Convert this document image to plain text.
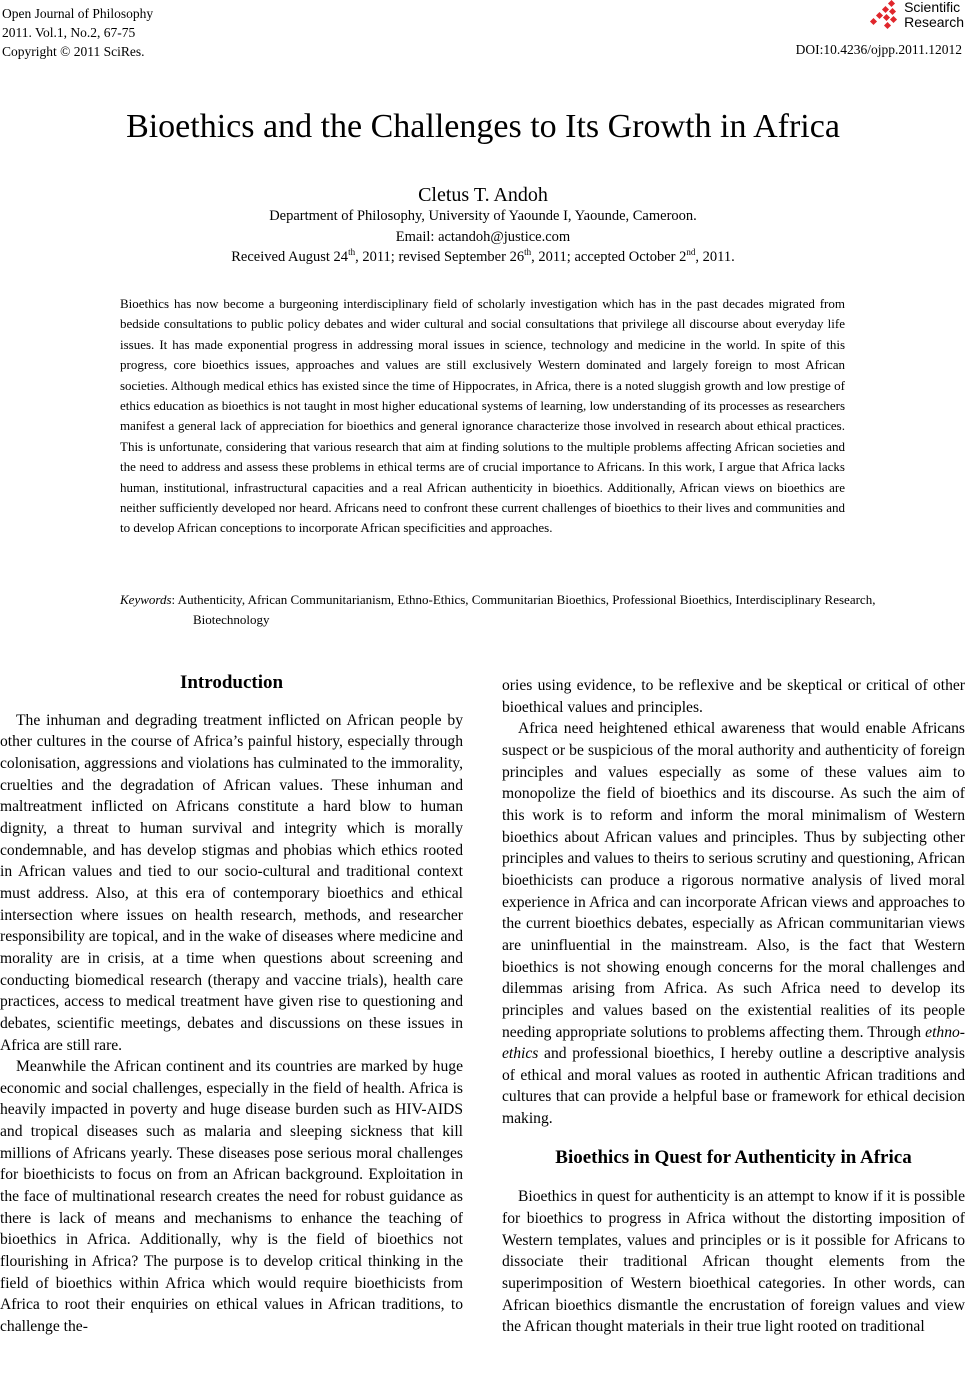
Open Journal of Philosophy
2011. Vol.1, No.2, 67-75
Copyright © 2011 SciRes.
Scientific
Research
DOI:10.4236/ojpp.2011.12012
Bioethics and the Challenges to Its Growth in Africa
Cletus T. Andoh
Department of Philosophy, University of Yaounde I, Yaounde, Cameroon.
Email: actandoh@justice.com
Received August 24th, 2011; revised September 26th, 2011; accepted October 2nd, 2011.
Bioethics has now become a burgeoning interdisciplinary field of scholarly investigation which has in the past decades migrated from bedside consultations to public policy debates and wider cultural and social consultations that privilege all discourse about everyday life issues. It has made exponential progress in addressing moral issues in science, technology and medicine in the world. In spite of this progress, core bioethics issues, approaches and values are still exclusively Western dominated and largely foreign to most African societies. Although medical ethics has existed since the time of Hippocrates, in Africa, there is a noted sluggish growth and low prestige of ethics education as bioethics is not taught in most higher educational systems of learning, low understanding of its processes as researchers manifest a general lack of appreciation for bioethics and general ignorance characterize those involved in research about ethical practices. This is unfortunate, considering that various research that aim at finding solutions to the multiple problems affecting African societies and the need to address and assess these problems in ethical terms are of crucial importance to Africans. In this work, I argue that Africa lacks human, institutional, infrastructural capacities and a real African authenticity in bioethics. Additionally, African views on bioethics are neither sufficiently developed nor heard. Africans need to confront these current challenges of bioethics to their lives and communities and to develop African conceptions to incorporate African specificities and approaches.
Keywords: Authenticity, African Communitarianism, Ethno-Ethics, Communitarian Bioethics, Professional Bioethics, Interdisciplinary Research, Biotechnology
Introduction

The inhuman and degrading treatment inflicted on African people by other cultures in the course of Africa’s painful history, especially through colonisation, aggressions and violations has culminated to the immorality, cruelties and the degradation of African values. These inhuman and maltreatment inflicted on Africans constitute a hard blow to human dignity, a threat to human survival and integrity which is morally condemnable, and has develop stigmas and phobias which ethics rooted in African values and tied to our socio-cultural and traditional context must address. Also, at this era of contemporary bioethics and ethical intersection where issues on health research, methods, and researcher responsibility are topical, and in the wake of diseases where medicine and morality are in crisis, at a time when questions about screening and conducting biomedical research (therapy and vaccine trials), health care practices, access to medical treatment have given rise to questioning and debates, scientific meetings, debates and discussions on these issues in Africa are still rare.

Meanwhile the African continent and its countries are marked by huge economic and social challenges, especially in the field of health. Africa is heavily impacted in poverty and huge disease burden such as HIV-AIDS and tropical diseases such as malaria and sleeping sickness that kill millions of Africans yearly. These diseases pose serious moral challenges for bioethicists to focus on from an African background. Exploitation in the face of multinational research creates the need for robust guidance as there is lack of means and mechanisms to enhance the teaching of bioethics in Africa. Additionally, why is the field of bioethics not flourishing in Africa? The purpose is to develop critical thinking in the field of bioethics within Africa which would require bioethicists from Africa to root their enquiries on ethical values in African traditions, to challenge the-

ories using evidence, to be reflexive and be skeptical or critical of other bioethical values and principles.

Africa need heightened ethical awareness that would enable Africans suspect or be suspicious of the moral authority and authenticity of foreign principles and values especially as some of these values aim to monopolize the field of bioethics and its discourse. As such the aim of this work is to reform and inform the moral minimalism of Western bioethics about African values and principles. Thus by subjecting other principles and values to theirs to serious scrutiny and questioning, African bioethicists can produce a rigorous normative analysis of lived moral experience in Africa and can incorporate African views and approaches to the current bioethics debates, especially as African communitarian views are uninfluential in the mainstream. Also, is the fact that Western bioethics is not showing enough concerns for the moral challenges and dilemmas arising from Africa. As such Africa need to develop its principles and values based on the existential realities of its people needing appropriate solutions to problems affecting them. Through ethno-ethics and professional bioethics, I hereby outline a descriptive analysis of ethical and moral values as rooted in authentic African traditions and cultures that can provide a helpful base or framework for ethical decision making.

Bioethics in Quest for Authenticity in Africa

Bioethics in quest for authenticity is an attempt to know if it is possible for bioethics to progress in Africa without the distorting imposition of Western templates, values and principles or is it possible for Africans to dissociate their traditional African thought elements from the superimposition of Western bioethical categories. In other words, can African bioethics dismantle the encrustation of foreign values and view the African thought materials in their true light rooted on traditional
